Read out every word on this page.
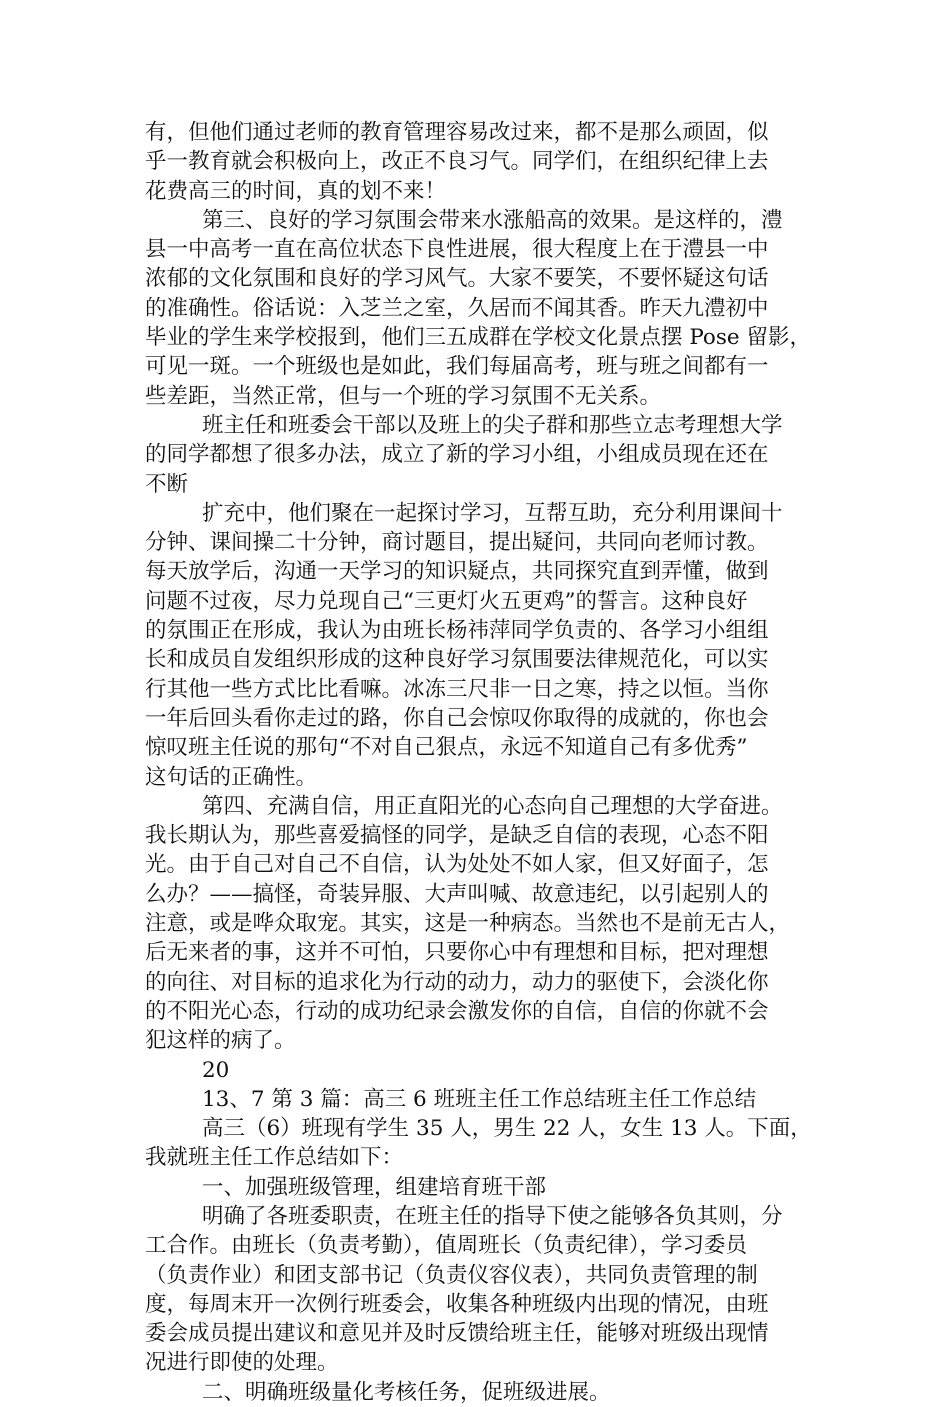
有，但他们通过老师的教育管理容易改过来，都不是那么顽固，似
乎一教育就会积极向上，改正不良习气。同学们，在组织纪律上去
花费高三的时间，真的划不来！
第三、良好的学习氛围会带来水涨船高的效果。是这样的，澧
县一中高考一直在高位状态下良性进展，很大程度上在于澧县一中
浓郁的文化氛围和良好的学习风气。大家不要笑，不要怀疑这句话
的准确性。俗话说：入芝兰之室，久居而不闻其香。昨天九澧初中
毕业的学生来学校报到，他们三五成群在学校文化景点摆 Pose 留影，
可见一斑。一个班级也是如此，我们每届高考，班与班之间都有一
些差距，当然正常，但与一个班的学习氛围不无关系。
班主任和班委会干部以及班上的尖子群和那些立志考理想大学
的同学都想了很多办法，成立了新的学习小组，小组成员现在还在
不断
扩充中，他们聚在一起探讨学习，互帮互助，充分利用课间十
分钟、课间操二十分钟，商讨题目，提出疑问，共同向老师讨教。
每天放学后，沟通一天学习的知识疑点，共同探究直到弄懂，做到
问题不过夜，尽力兑现自己“三更灯火五更鸡”的誓言。这种良好
的氛围正在形成，我认为由班长杨祎萍同学负责的、各学习小组组
长和成员自发组织形成的这种良好学习氛围要法律规范化，可以实
行其他一些方式比比看嘛。冰冻三尺非一日之寒，持之以恒。当你
一年后回头看你走过的路，你自己会惊叹你取得的成就的，你也会
惊叹班主任说的那句“不对自己狠点，永远不知道自己有多优秀”
这句话的正确性。
第四、充满自信，用正直阳光的心态向自己理想的大学奋进。
我长期认为，那些喜爱搞怪的同学，是缺乏自信的表现，心态不阳
光。由于自己对自己不自信，认为处处不如人家，但又好面子，怎
么办？——搞怪，奇装异服、大声叫喊、故意违纪，以引起别人的
注意，或是哗众取宠。其实，这是一种病态。当然也不是前无古人，
后无来者的事，这并不可怕，只要你心中有理想和目标，把对理想
的向往、对目标的追求化为行动的动力，动力的驱使下，会淡化你
的不阳光心态，行动的成功纪录会激发你的自信，自信的你就不会
犯这样的病了。
20
13、7 第 3 篇：高三 6 班班主任工作总结班主任工作总结
高三（6）班现有学生 35 人，男生 22 人，女生 13 人。下面，
我就班主任工作总结如下：
一、加强班级管理，组建培育班干部
明确了各班委职责，在班主任的指导下使之能够各负其则，分
工合作。由班长（负责考勤），值周班长（负责纪律），学习委员
（负责作业）和团支部书记（负责仪容仪表），共同负责管理的制
度，每周末开一次例行班委会，收集各种班级内出现的情况，由班
委会成员提出建议和意见并及时反馈给班主任，能够对班级出现情
况进行即使的处理。
二、明确班级量化考核任务，促班级进展。
